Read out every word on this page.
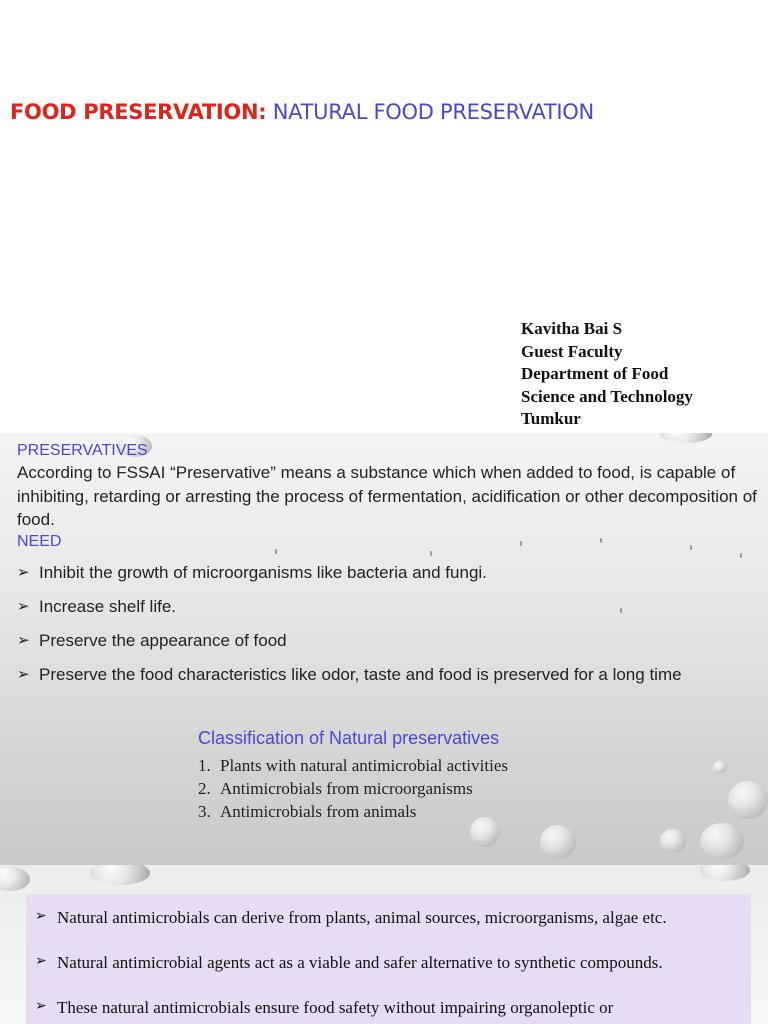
FOOD PRESERVATION: NATURAL FOOD PRESERVATION
Kavitha Bai S
Guest Faculty
Department of Food
Science and Technology
Tumkur
PRESERVATIVES

According to FSSAI “Preservative” means a substance which when added to food, is capable of inhibiting, retarding or arresting the process of fermentation, acidification or other decomposition of food.

NEED
➢ Inhibit the growth of microorganisms like bacteria and fungi.
➢ Increase shelf life.
➢ Preserve the appearance of food
➢ Preserve the food characteristics like odor, taste and food is preserved for a long time
Classification of Natural preservatives
1. Plants with natural antimicrobial activities
2. Antimicrobials from microorganisms
3. Antimicrobials from animals
➢ Natural antimicrobials can derive from plants, animal sources, microorganisms, algae etc.
➢ Natural antimicrobial agents act as a viable and safer alternative to synthetic compounds.
➢ These natural antimicrobials ensure food safety without impairing organoleptic or
